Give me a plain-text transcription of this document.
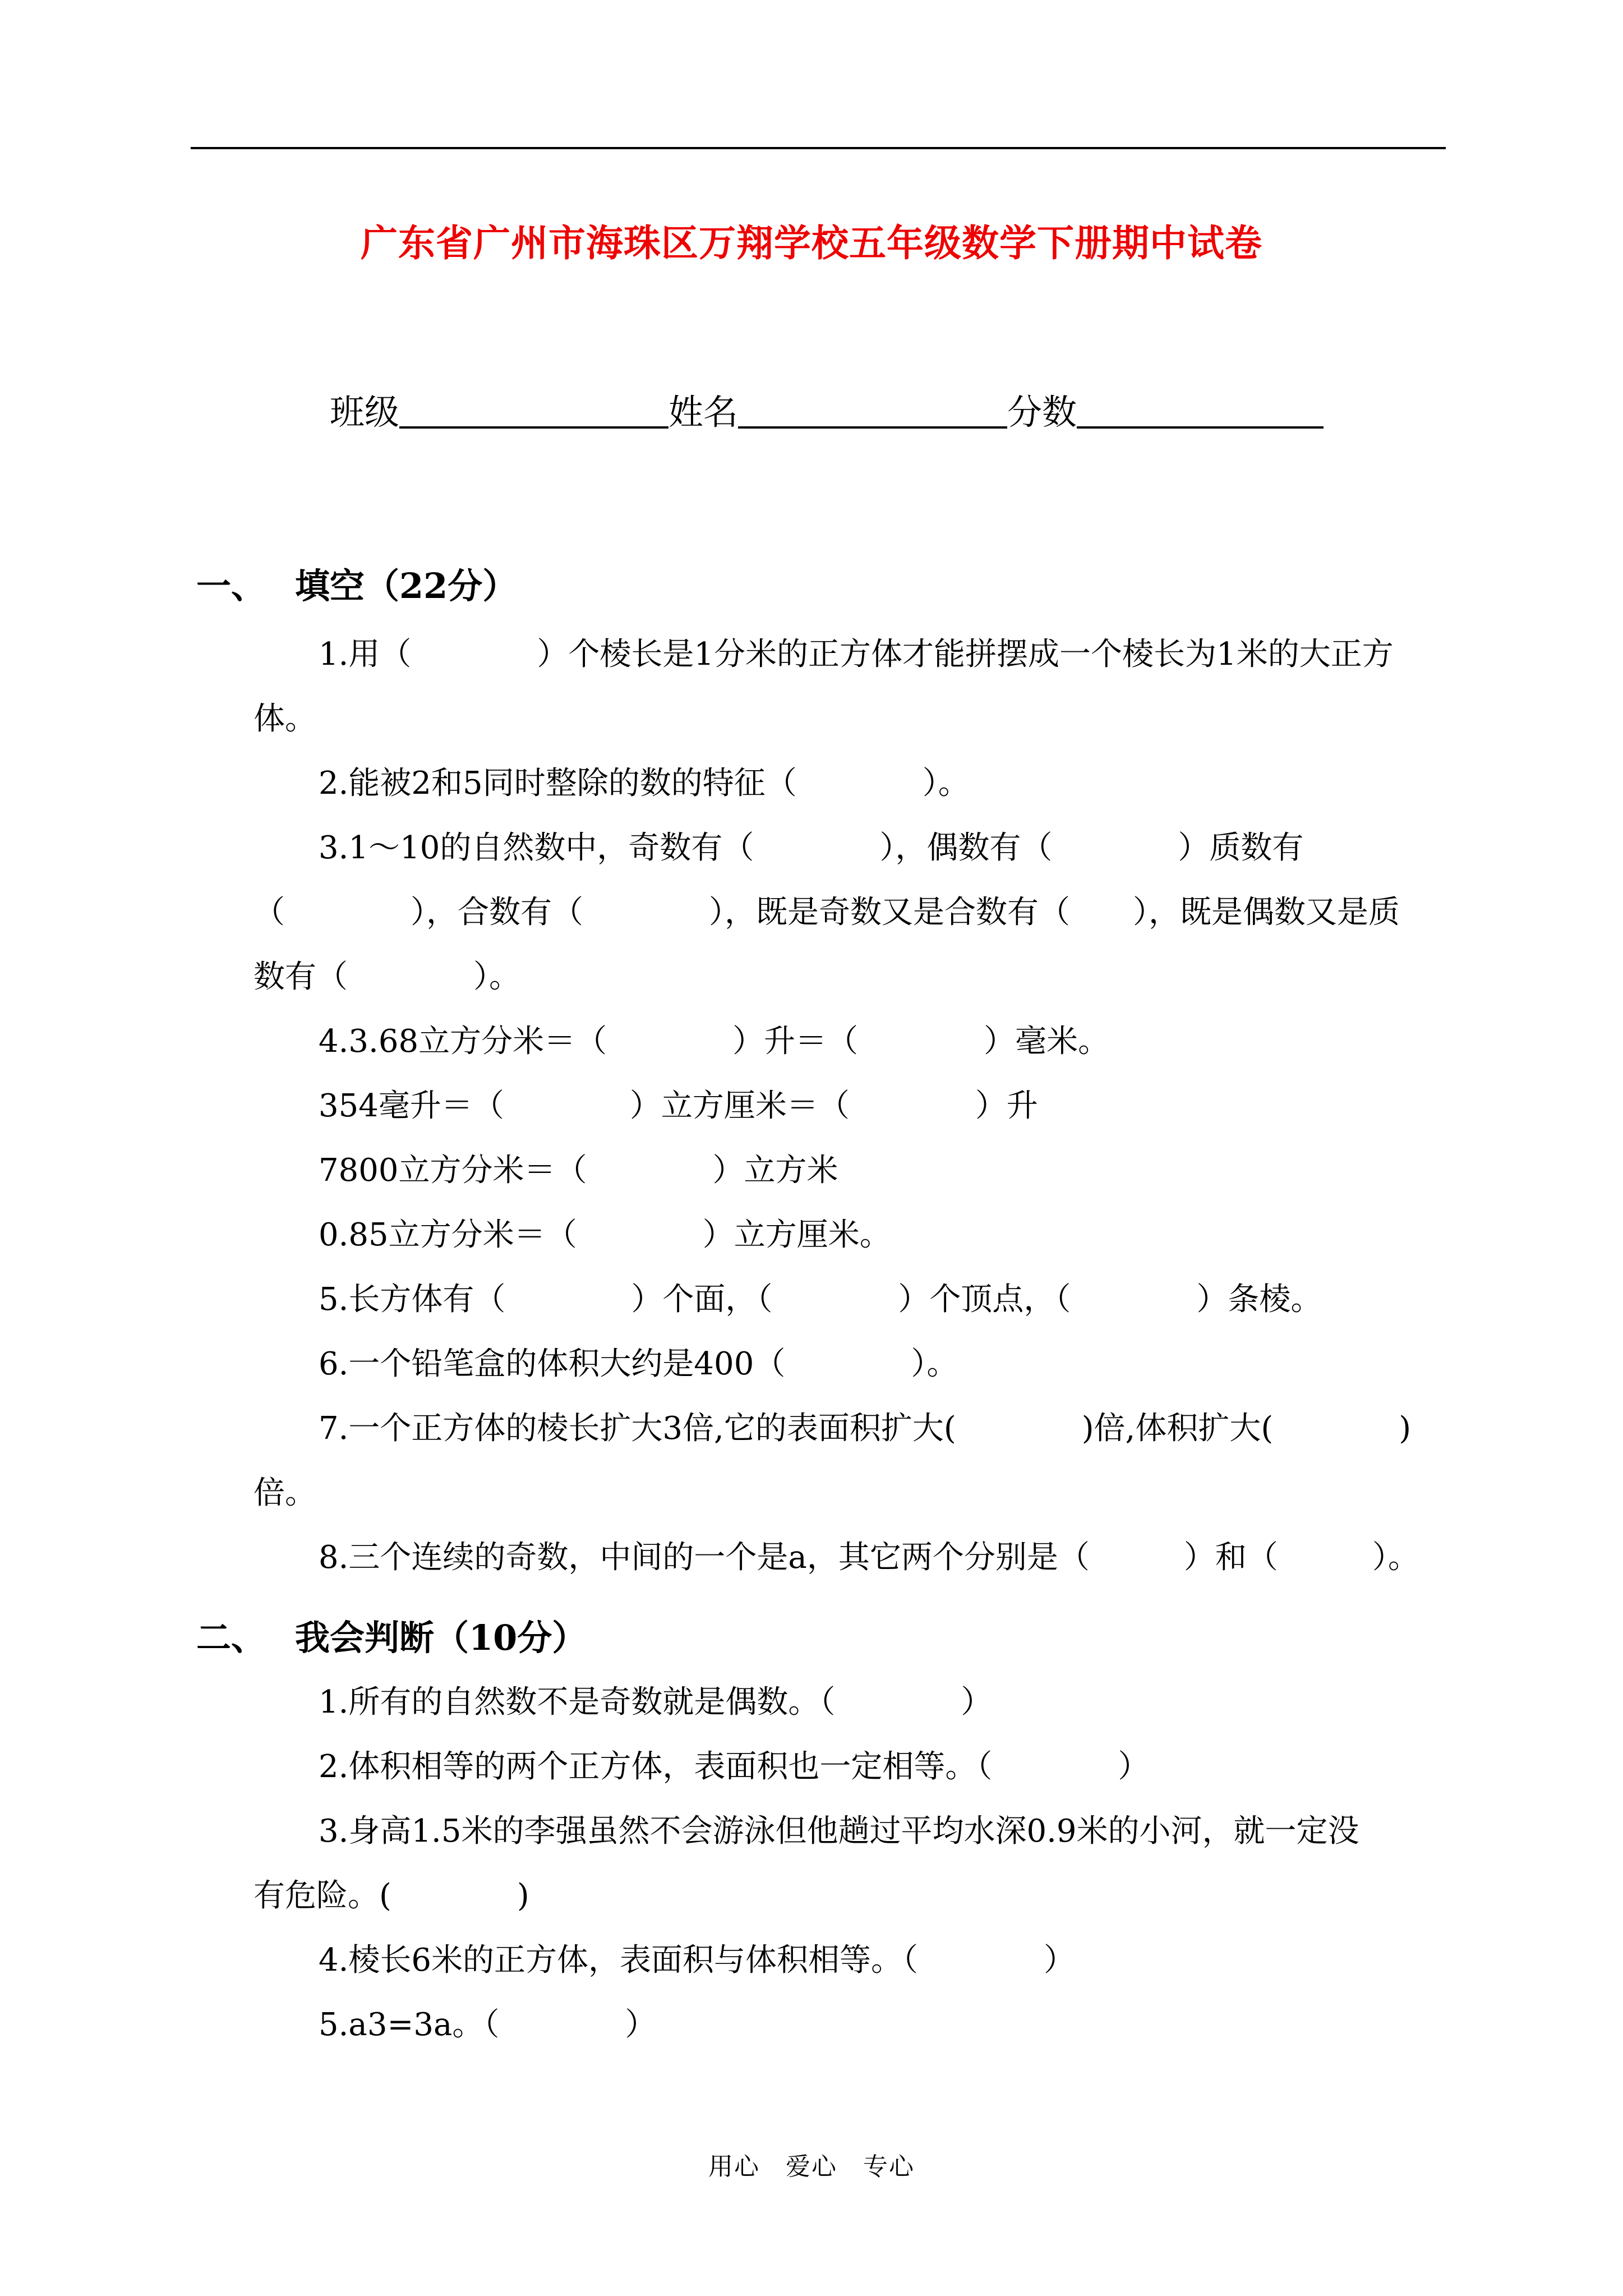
广东省广州市海珠区万翔学校五年级数学下册期中试卷
班级	姓名	分数
一、 填空（22分）
1.用（　　　　）个棱长是1分米的正方体才能拼摆成一个棱长为1米的大正方
体。
2.能被2和5同时整除的数的特征（　　　　）。
3.1～10的自然数中，奇数有（　　　　），偶数有（　　　　）质数有
（　　　　），合数有（　　　　），既是奇数又是合数有（　　），既是偶数又是质
数有（　　　　）。
4.3.68立方分米＝（　　　　）升＝（　　　　）毫米。
354毫升＝（　　　　）立方厘米＝（　　　　）升
7800立方分米＝（　　　　）立方米
0.85立方分米＝（　　　　）立方厘米。
5.长方体有（　　　　）个面，（　　　　）个顶点，（　　　　）条棱。
6.一个铅笔盒的体积大约是400（　　　　）。
7.一个正方体的棱长扩大3倍,它的表面积扩大(　　　　)倍,体积扩大(　　　　)
倍。
8.三个连续的奇数，中间的一个是a，其它两个分别是（　　　）和（　　　）。
二、 我会判断（10分）
1.所有的自然数不是奇数就是偶数。（　　　　）
2.体积相等的两个正方体，表面积也一定相等。（　　　　）
3.身高1.5米的李强虽然不会游泳但他趟过平均水深0.9米的小河，就一定没
有危险。(　　　　)
4.棱长6米的正方体，表面积与体积相等。（　　　　）
5.a3=3a。（　　　　）
用心　爱心　专心
